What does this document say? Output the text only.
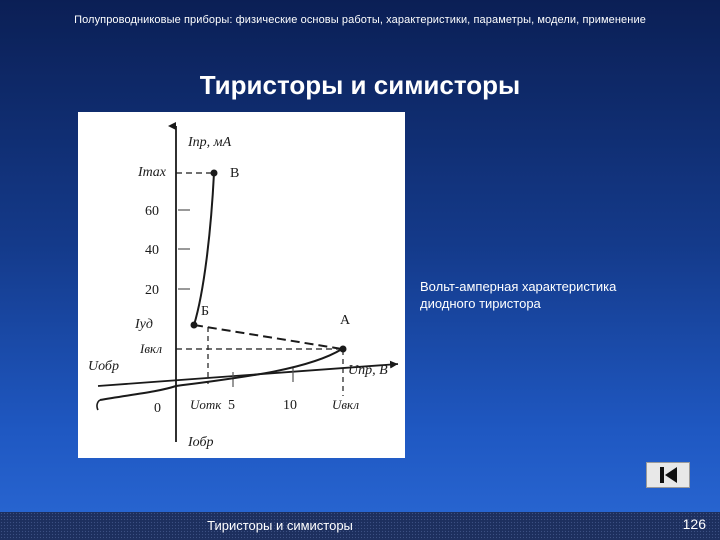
Полупроводниковые приборы: физические основы работы, характеристики, параметры, модели, применение
Тиристоры и симисторы
Iпр, мА
Imax	В
60
40
20
Б
Iуд	А
Iвкл
Uобр	Uпр, В
0 Uотк 5	10	Uвкл
Iобр
Вольт-амперная характеристика
диодного тиристора
Тиристоры и симисторы	126
